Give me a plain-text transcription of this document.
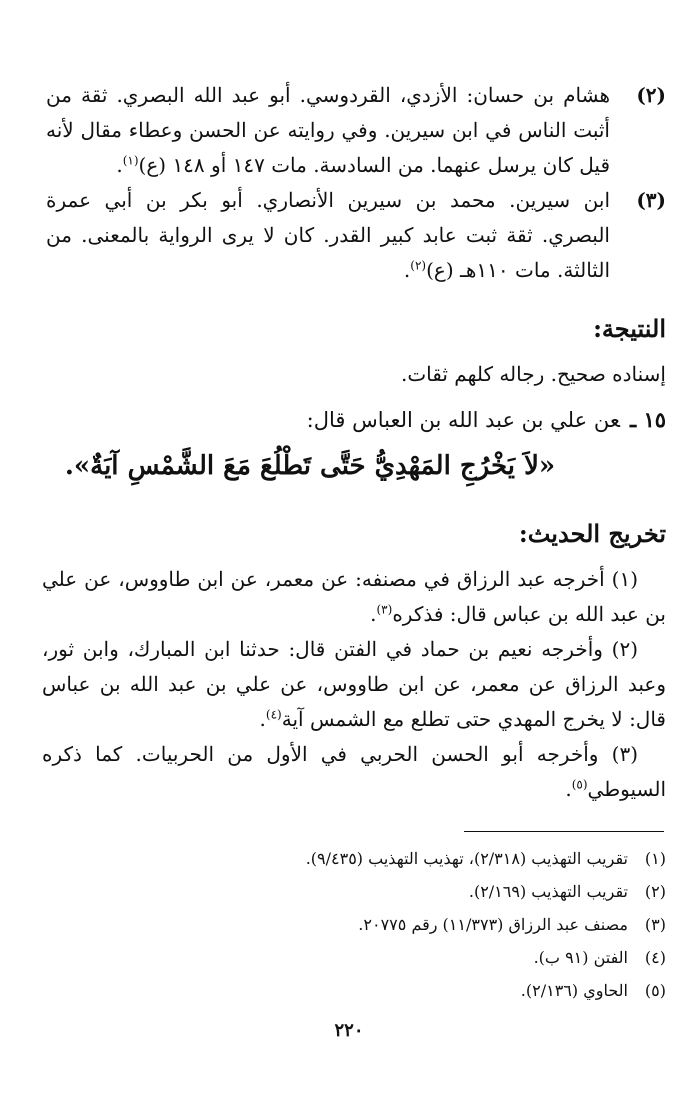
(٢)
هشام بن حسان: الأزدي، القردوسي. أبو عبد الله البصري. ثقة من أثبت الناس في ابن سيرين. وفي روايته عن الحسن وعطاء مقال لأنه قيل كان يرسل عنهما. من السادسة. مات ١٤٧ أو ١٤٨ (ع)$^{(١)}$.
(٣)
ابن سيرين. محمد بن سيرين الأنصاري. أبو بكر بن أبي عمرة البصري. ثقة ثبت عابد كبير القدر. كان لا يرى الرواية بالمعنى. من الثالثة. مات ١١٠هـ (ع)$^{(٢)}$.
النتيجة:
إسناده صحيح. رجاله كلهم ثقات.
١٥ ـعن علي بن عبد الله بن العباس قال:
«لاَ يَخْرُجِ المَهْدِيُّ حَتَّى تَطْلُعَ مَعَ الشَّمْسِ آيَةٌ».
تخريج الحديث:
(١) أخرجه عبد الرزاق في مصنفه: عن معمر، عن ابن طاووس، عن علي بن عبد الله بن عباس قال: فذكره$^{(٣)}$.
(٢) وأخرجه نعيم بن حماد في الفتن قال: حدثنا ابن المبارك، وابن ثور، وعبد الرزاق عن معمر، عن ابن طاووس، عن علي بن عبد الله بن عباس قال: لا يخرج المهدي حتى تطلع مع الشمس آية$^{(٤)}$.
(٣) وأخرجه أبو الحسن الحربي في الأول من الحربيات. كما ذكره السيوطي$^{(٥)}$.
(١)
تقريب التهذيب (٢/٣١٨)، تهذيب التهذيب (٩/٤٣٥).
(٢)
تقريب التهذيب (٢/١٦٩).
(٣)
مصنف عبد الرزاق (١١/٣٧٣) رقم ٢٠٧٧٥.
(٤)
الفتن (٩١ ب).
(٥)
الحاوي (٢/١٣٦).
٢٢٠
